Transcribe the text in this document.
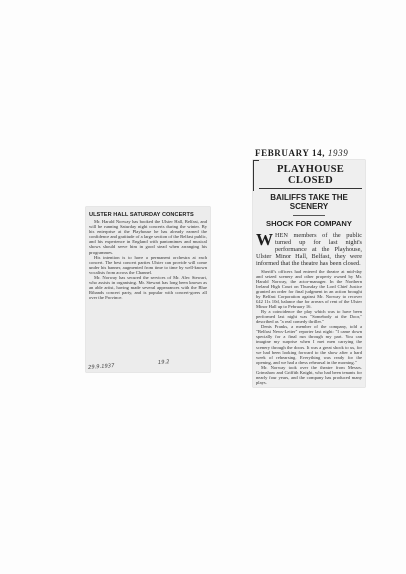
ULSTER HALL SATURDAY CONCERTS

Mr. Harald Norway has booked the Ulster Hall, Belfast, and will be running Saturday night concerts during the winter. By his enterprise at the Playhouse he has already earned the confidence and gratitude of a large section of the Belfast public, and his experience in England with pantomimes and musical shows should serve him in good stead when arranging his programmes.

His intention is to have a permanent orchestra at each concert. The best concert parties Ulster can provide will come under his banner, augmented from time to time by well-known vocalists from across the Channel.

Mr. Norway has secured the services of Mr. Alec Stewart, who assists in organising. Mr. Stewart has long been known as an able artist, having made several appearances with the Blue Ribands concert party, and is popular with concert-goers all over the Province.

29.9.1937 19.2
FEBRUARY 14, 1939
PLAYHOUSE CLOSED
BAILIFFS TAKE THE SCENERY
SHOCK FOR COMPANY
WHEN members of the public turned up for last night's performance at the Playhouse, Ulster Minor Hall, Belfast, they were informed that the theatre has been closed.

Sheriff's officers had entered the theatre at mid-day and seized scenery and other property owned by Mr. Harald Norway, the actor-manager. In the Northern Ireland High Court on Thursday the Lord Chief Justice granted an order for final judgment in an action brought by Belfast Corporation against Mr. Norway to recover £42 11s 10d, balance due for arrears of rent of the Ulster Minor Hall up to February 16.

By a coincidence the play which was to have been performed last night was "Somebody at the Door," described as "a real comedy thriller."

Denis Franks, a member of the company, told a "Belfast News-Letter" reporter last night: "I came down specially for a final run through my part. You can imagine my surprise when I met men carrying the scenery through the doors. It was a great shock to us, for we had been looking forward to the show after a hard week of rehearsing. Everything was ready for the opening, and we had a dress rehearsal in the morning."

Mr. Norway took over the theatre from Messrs. Grimshaw and Griffith Knight, who had been tenants for nearly four years, and the company has produced many plays.
